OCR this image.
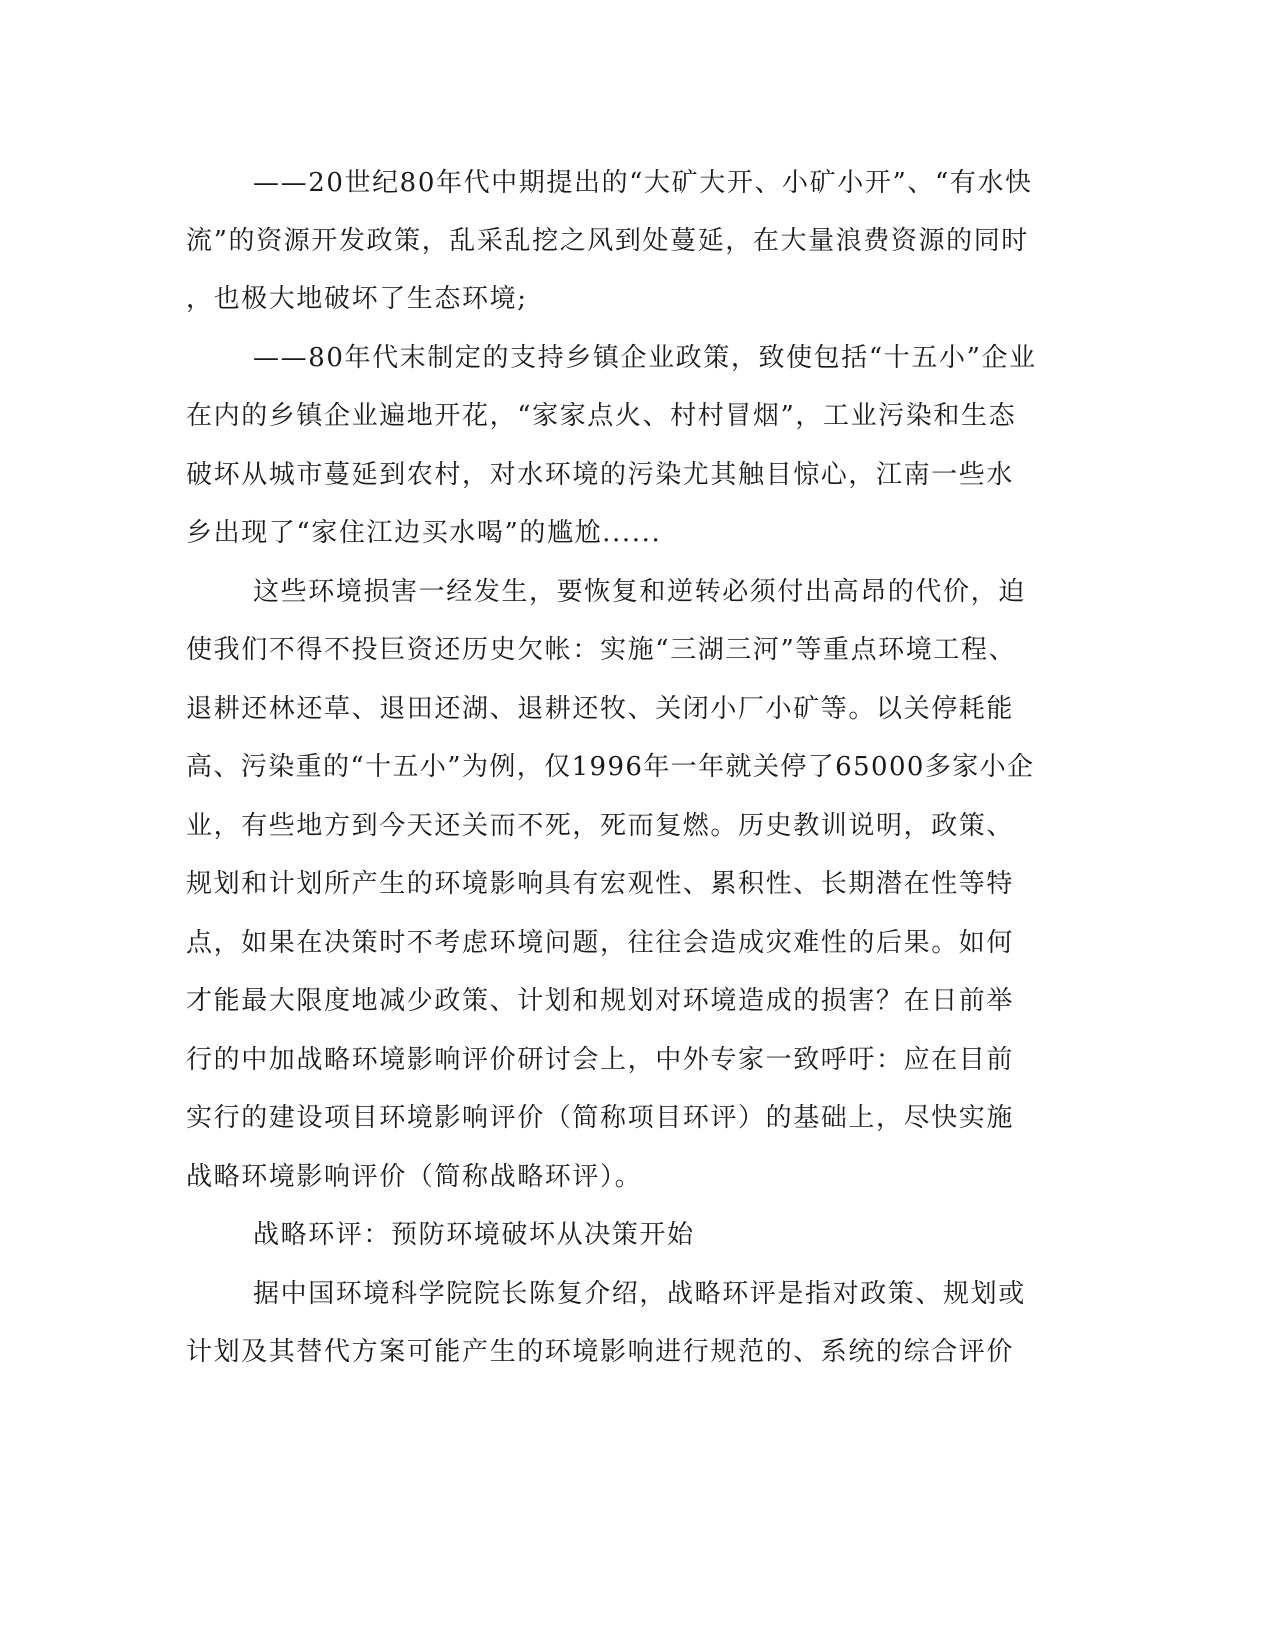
——20世纪80年代中期提出的“大矿大开、小矿小开”、“有水快

流”的资源开发政策，乱采乱挖之风到处蔓延，在大量浪费资源的同时

，也极大地破坏了生态环境;

——80年代末制定的支持乡镇企业政策，致使包括“十五小”企业

在内的乡镇企业遍地开花，“家家点火、村村冒烟”，工业污染和生态

破坏从城市蔓延到农村，对水环境的污染尤其触目惊心，江南一些水

乡出现了“家住江边买水喝”的尴尬......

这些环境损害一经发生，要恢复和逆转必须付出高昂的代价，迫

使我们不得不投巨资还历史欠帐：实施“三湖三河”等重点环境工程、

退耕还林还草、退田还湖、退耕还牧、关闭小厂小矿等。以关停耗能

高、污染重的“十五小”为例，仅1996年一年就关停了65000多家小企

业，有些地方到今天还关而不死，死而复燃。历史教训说明，政策、

规划和计划所产生的环境影响具有宏观性、累积性、长期潜在性等特

点，如果在决策时不考虑环境问题，往往会造成灾难性的后果。如何

才能最大限度地减少政策、计划和规划对环境造成的损害？在日前举

行的中加战略环境影响评价研讨会上，中外专家一致呼吁：应在目前

实行的建设项目环境影响评价（简称项目环评）的基础上，尽快实施

战略环境影响评价（简称战略环评）。

战略环评：预防环境破坏从决策开始

据中国环境科学院院长陈复介绍，战略环评是指对政策、规划或

计划及其替代方案可能产生的环境影响进行规范的、系统的综合评价
